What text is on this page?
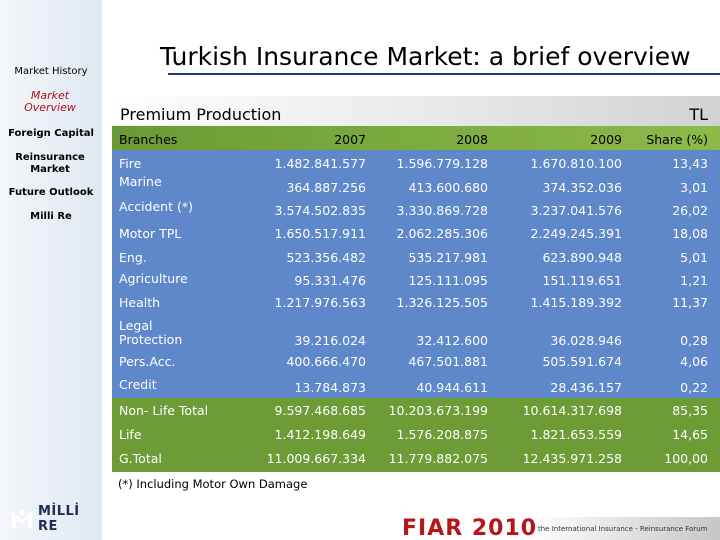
Market History
Market Overview
Foreign Capital
Reinsurance Market
Future Outlook
Milli Re
MİLLİ RE
Turkish Insurance Market: a brief overview
Premium Production	TL
Branches	2007	2008	2009 Share (%)
Fire	1.482.841.577 1.596.779.128	1.670.810.100	13,43
Marine	364.887.256	413.600.680	374.352.036	3,01
Accident (*)	3.574.502.835 3.330.869.728	3.237.041.576	26,02
Motor TPL	1.650.517.911 2.062.285.306	2.249.245.391	18,08
Eng.	523.356.482	535.217.981	623.890.948	5,01
Agriculture	95.331.476	125.111.095	151.119.651	1,21
Health	1.217.976.563 1.326.125.505	1.415.189.392	11,37
Legal Protection	39.216.024	32.412.600	36.028.946	0,28
Pers.Acc.	400.666.470	467.501.881	505.591.674	4,06
Credit	13.784.873	40.944.611	28.436.157	0,22
Non- Life Total	9.597.468.685 10.203.673.199	10.614.317.698	85,35
Life	1.412.198.649 1.576.208.875	1.821.653.559	14,65
G.Total	11.009.667.334 11.779.882.075	12.435.971.258	100,00
(*) Including Motor Own Damage
FIAR 2010 the International Insurance - Reinsurance Forum
